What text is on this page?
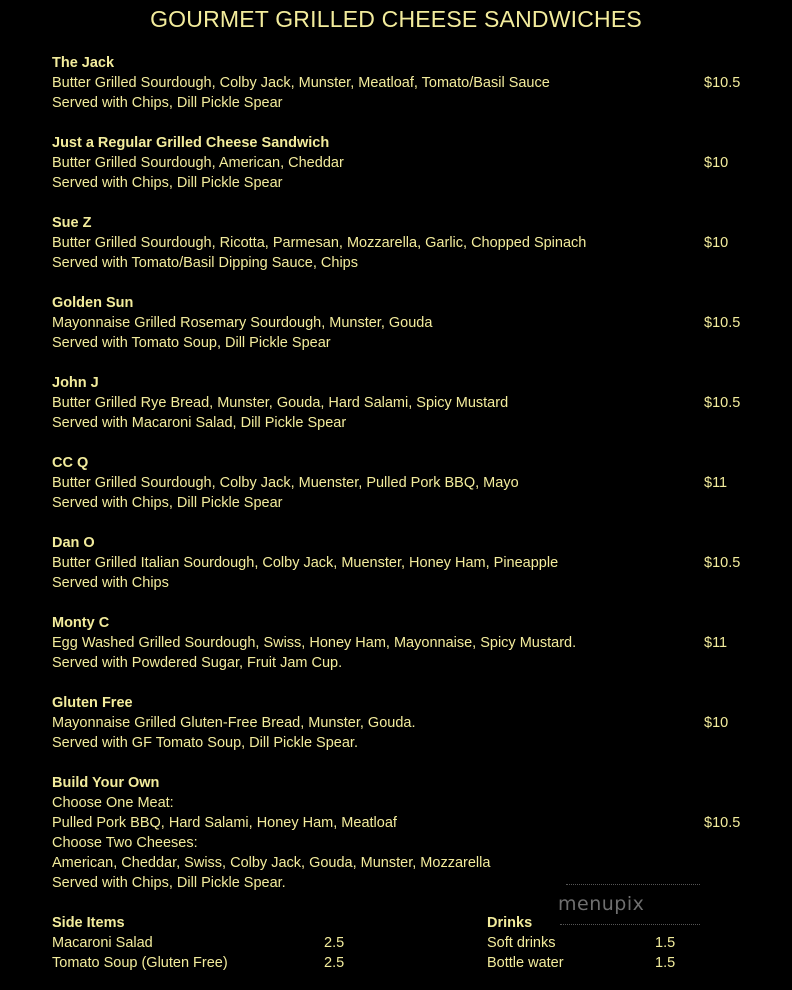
GOURMET GRILLED CHEESE SANDWICHES
The Jack
Butter Grilled Sourdough, Colby Jack, Munster, Meatloaf, Tomato/Basil Sauce
Served with Chips, Dill Pickle Spear
$10.5
Just a Regular Grilled Cheese Sandwich
Butter Grilled Sourdough, American, Cheddar
Served with Chips, Dill Pickle Spear
$10
Sue Z
Butter Grilled Sourdough, Ricotta, Parmesan, Mozzarella, Garlic, Chopped Spinach
Served with Tomato/Basil Dipping Sauce, Chips
$10
Golden Sun
Mayonnaise Grilled Rosemary Sourdough, Munster, Gouda
Served with Tomato Soup, Dill Pickle Spear
$10.5
John J
Butter Grilled Rye Bread, Munster, Gouda, Hard Salami, Spicy Mustard
Served with Macaroni Salad, Dill Pickle Spear
$10.5
CC Q
Butter Grilled Sourdough, Colby Jack, Muenster, Pulled Pork BBQ, Mayo
Served with Chips, Dill Pickle Spear
$11
Dan O
Butter Grilled Italian Sourdough, Colby Jack, Muenster, Honey Ham, Pineapple
Served with Chips
$10.5
Monty C
Egg Washed Grilled Sourdough, Swiss, Honey Ham, Mayonnaise, Spicy Mustard.
Served with Powdered Sugar, Fruit Jam Cup.
$11
Gluten Free
Mayonnaise Grilled Gluten-Free Bread, Munster, Gouda.
Served with GF Tomato Soup, Dill Pickle Spear.
$10
Build Your Own
Choose One Meat:
Pulled Pork BBQ, Hard Salami, Honey Ham, Meatloaf
Choose Two Cheeses:
American, Cheddar, Swiss, Colby Jack, Gouda, Munster, Mozzarella
Served with Chips, Dill Pickle Spear.
$10.5
menupix
Side Items
Macaroni Salad	2.5
Tomato Soup (Gluten Free)	2.5
Drinks
Soft drinks	1.5
Bottle water	1.5
